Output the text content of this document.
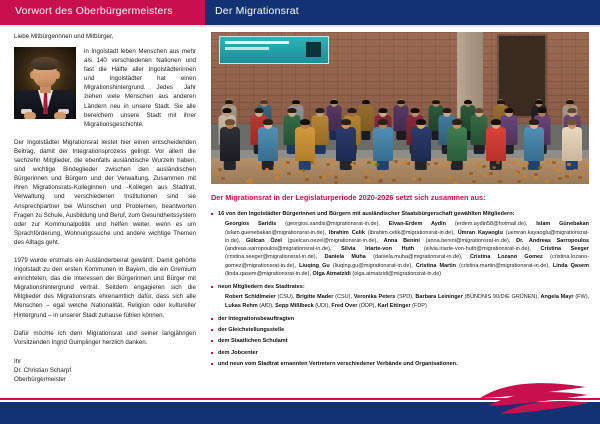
Vorwort des Oberbürgermeisters	Der Migrationsrat

Liebe Mitbürgerinnen und Mitbürger,

in Ingolstadt leben Menschen aus mehr als 140 verschiedenen Nationen und fast die Hälfte aller Ingolstädterinnen und Ingolstädter hat einen Migrationshintergrund. Jedes Jahr ziehen viele Menschen aus anderen Ländern neu in unsere Stadt. Sie alle bereichern unsere Stadt mit ihrer Migrationsgeschichte.

Der Ingolstädter Migrationsrat leistet hier einen entscheidenden Beitrag, damit der Integrationsprozess gelingt. Vor allem die sechzehn Mitglieder, die ebenfalls ausländische Wurzeln haben, sind wichtige Bindeglieder zwischen den ausländischen Bürgerinnen und Bürgern und der Verwaltung. Zusammen mit ihren Migrationsrats-Kolleginnen und -Kollegen aus Stadtrat, Verwaltung und verschiedenen Institutionen sind sie Ansprechpartner bei Wünschen und Problemen, beantworten Fragen zu Schule, Ausbildung und Beruf, zum Gesundheitssystem oder zur Kommunalpolitik und helfen weiter, wenn es um Sprachförderung, Wohnungssuche und andere wichtige Themen des Alltags geht.

1979 wurde erstmals ein Ausländerbeirat gewählt. Damit gehörte Ingolstadt zu den ersten Kommunen in Bayern, die ein Gremium einrichteten, das die Interessen der Bürgerinnen und Bürger mit Migrationshintergrund vertrat. Seitdem engagieren sich die Mitglieder des Migrationsrats ehrenamtlich dafür, dass sich alle Menschen – egal welche Nationalität, Religion oder kultureller Hintergrund – in unserer Stadt zuhause fühlen können.

Dafür möchte ich dem Migrationsrat und seiner langjährigen Vorsitzenden Ingrid Gumplinger herzlich danken.

Ihr
Dr. Christian Scharpf
Oberbürgermeister
Der Migrationsrat in der Legislaturperiode 2020-2026 setzt sich zusammen aus:
16 von den Ingolstädter Bürgerinnen und Bürgern mit ausländischer Staatsbürgerschaft gewählten Mitgliedern:
Georgios Saridis (georgios.saridis@migrationsrat-in.de), Elvan-Erdem Aydin (erdem.aydin58@hotmail.de), Islam Günebakan (islam.guenebakan@migrationsrat-in.de), Ibrahim Celik (ibrahim.celik@migrationsrat-in.de), Ümran Kayaoglu (uemran.kayaoglu@migrationsrat-in.de), Gülcan Özel (guelcan.oezel@migrationsrat-in.de), Anna Benini (anna.benini@migrationsrat-in.de), Dr. Andreas Sarropoulos (andreas.sarropoulos@migrationsrat-in.de), Silvia Iriarte-von Huth (silvia.iriarte-von-huth@migrationsrat-in.de), Cristina Seeger (cristina.seeger@migrationsrat-in.de), Daniela Muha (daniela.muha@migrationsrat-in.de), Cristina Lozano Gomez (cristina.lozano-gomez@migrationsrat-in.de), Liuqing Gu (liuqing.gu@migrationsrat-in.de), Cristina Martin (cristina.martin@migrationsrat-in.de), Linda Qasem (linda.qasem@migrationsrat-in.de), Olga Atmatzidi (olga.atmatzidi@migrationsrat-in.de)
neun Mitgliedern des Stadtrates:
Robert Schidlmeier (CSU), Brigitte Mader (CSU), Veronika Peters (SPD), Barbara Leininger (BÜNDNIS 90/DIE GRÜNEN), Angela Mayr (FW), Lukas Rehm (AfD), Sepp Mißlbeck (UDI), Fred Over (ÖDP), Karl Ettinger (FDP)
der Integrationsbeauftragten
der Gleichstellungsstelle
dem Staatlichen Schulamt
dem Jobcenter
und neun vom Stadtrat ernannten Vertretern verschiedener Verbände und Organisationen.
